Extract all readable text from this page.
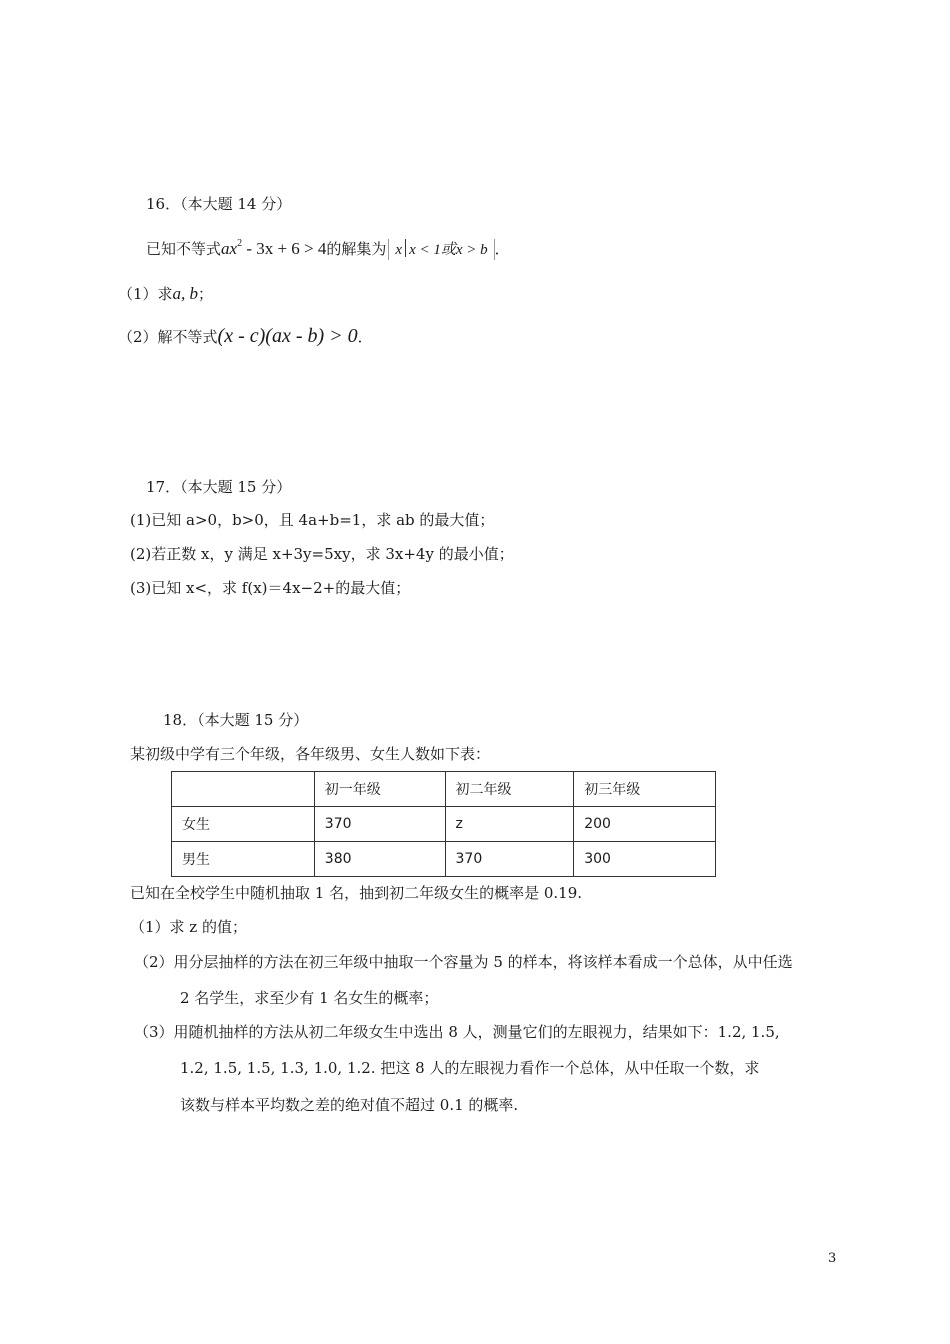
16．（本大题 14 分）
已知不等式$ax^2 - 3x + 6 > 4$的解集为 x x < 1或x > b ．
（1）求a, b；
（2）解不等式(x - c)(ax - b) > 0．
17．（本大题 15 分）
(1)已知 a>0，b>0，且 4a+b=1，求 ab 的最大值；
(2)若正数 x，y 满足 x+3y=5xy，求 3x+4y 的最小值；
(3)已知 x<，求 f(x)＝4x−2+的最大值；
18．（本大题 15 分）
某初级中学有三个年级，各年级男、女生人数如下表：
	初一年级	初二年级	初三年级
女生	370	z	200
男生	380	370	300
已知在全校学生中随机抽取 1 名，抽到初二年级女生的概率是 0.19.
（1）求 z 的值；
（2）用分层抽样的方法在初三年级中抽取一个容量为 5 的样本，将该样本看成一个总体，从中任选
2 名学生，求至少有 1 名女生的概率；
（3）用随机抽样的方法从初二年级女生中选出 8 人，测量它们的左眼视力，结果如下：1.2, 1.5,
1.2, 1.5, 1.5, 1.3, 1.0, 1.2. 把这 8 人的左眼视力看作一个总体，从中任取一个数，求
该数与样本平均数之差的绝对值不超过 0.1 的概率.
3
